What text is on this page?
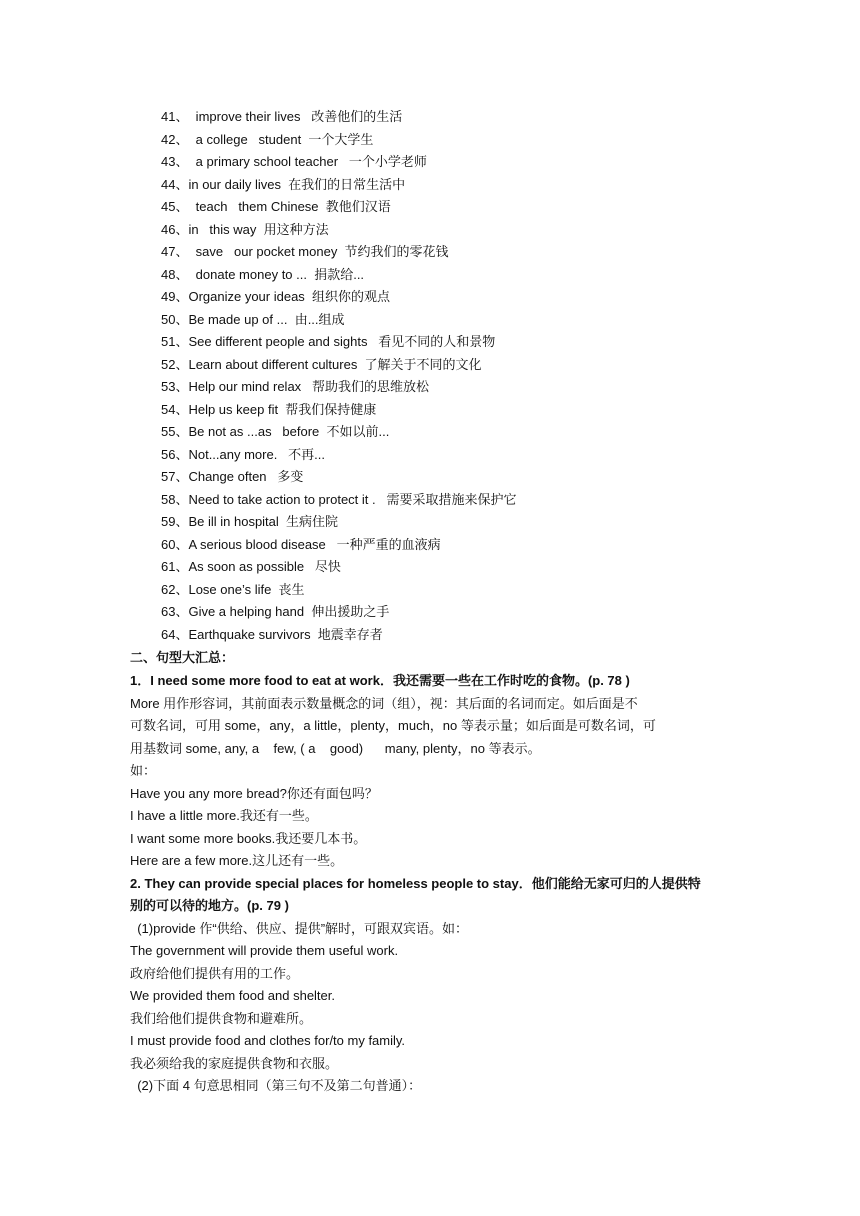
41、  improve their lives   改善他们的生活
42、  a college   student  一个大学生
43、  a primary school teacher   一个小学老师
44、in our daily lives  在我们的日常生活中
45、  teach   them Chinese  教他们汉语
46、in   this way  用这种方法
47、  save   our pocket money  节约我们的零花钱
48、  donate money to ...  捐款给...
49、Organize your ideas  组织你的观点
50、Be made up of ...  由...组成
51、See different people and sights   看见不同的人和景物
52、Learn about different cultures  了解关于不同的文化
53、Help our mind relax   帮助我们的思维放松
54、Help us keep fit  帮我们保持健康
55、Be not as ...as   before  不如以前...
56、Not...any more.   不再...
57、Change often   多变
58、Need to take action to protect it .   需要采取措施来保护它
59、Be ill in hospital  生病住院
60、A serious blood disease   一种严重的血液病
61、As soon as possible   尽快
62、Lose one’s life  丧生
63、Give a helping hand  伸出援助之手
64、Earthquake survivors  地震幸存者
二、句型大汇总：
1．I need some more food to eat at work．我还需要一些在工作时吃的食物。(p. 78 )
More 用作形容词，其前面表示数量概念的词（组），视：其后面的名词而定。如后面是不
可数名词，可用 some，any，a little，plenty，much，no 等表示量；如后面是可数名词，可
用基数词 some, any, a    few, ( a    good)      many, plenty，no 等表示。
如：
Have you any more bread?你还有面包吗？
I have a little more.我还有一些。
I want some more books.我还要几本书。
Here are a few more.这儿还有一些。
2. They can provide special places for homeless people to stay．他们能给无家可归的人提供特
别的可以待的地方。(p. 79 )
(1)provide 作“供给、供应、提供”解时，可跟双宾语。如：
The government will provide them useful work.
政府给他们提供有用的工作。
We provided them food and shelter.
我们给他们提供食物和避难所。
I must provide food and clothes for/to my family.
我必须给我的家庭提供食物和衣服。
(2)下面 4 句意思相同（第三句不及第二句普通）：
